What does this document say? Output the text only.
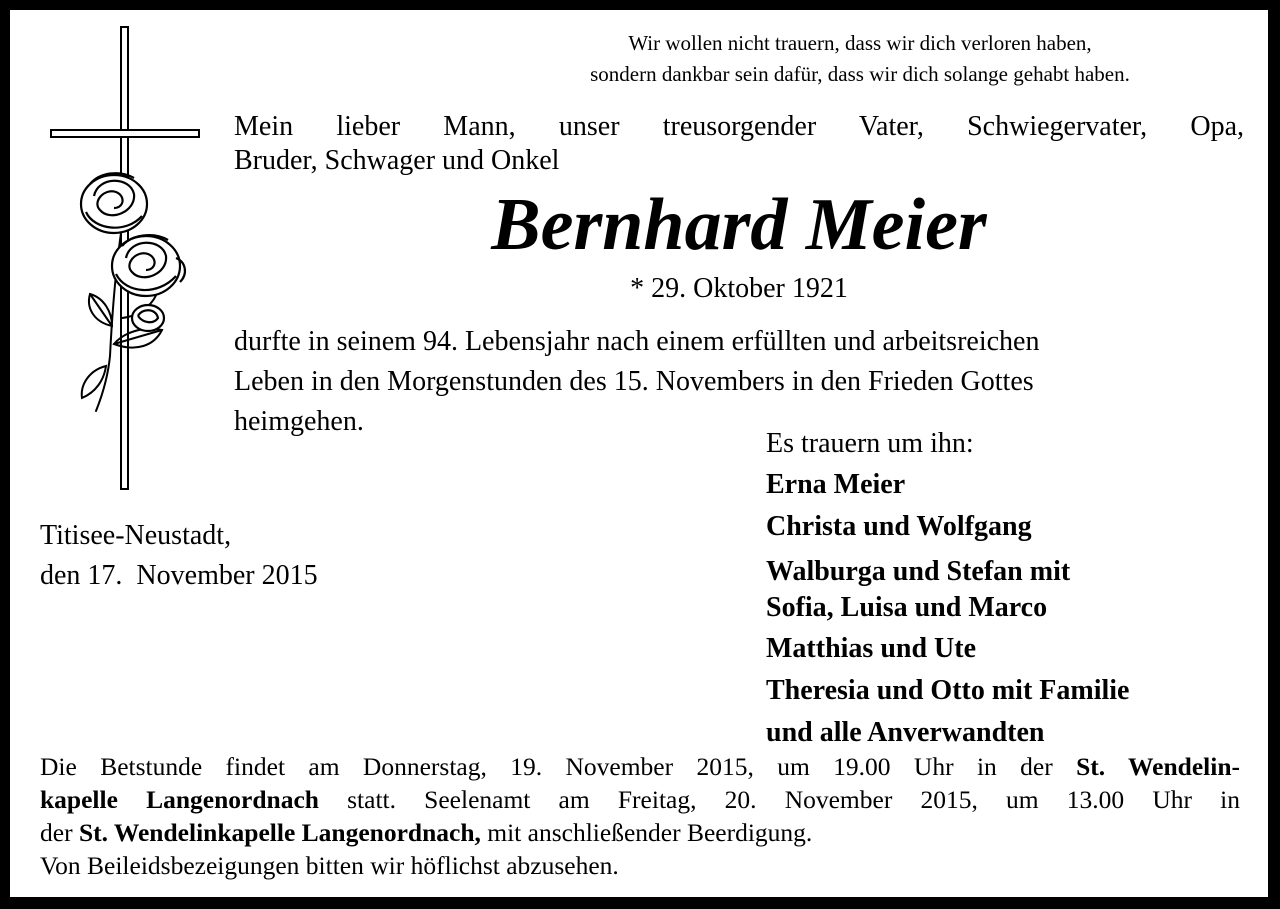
Wir wollen nicht trauern, dass wir dich verloren haben,
sondern dankbar sein dafür, dass wir dich solange gehabt haben.
Mein lieber Mann, unser treusorgender Vater, Schwiegervater, Opa,
Bruder, Schwager und Onkel
Bernhard Meier
* 29. Oktober 1921
durfte in seinem 94. Lebensjahr nach einem erfüllten und arbeitsreichen
Leben in den Morgenstunden des 15. Novembers in den Frieden Gottes
heimgehen.
Es trauern um ihn:
Erna Meier
Christa und Wolfgang
Walburga und Stefan mit
Sofia, Luisa und Marco
Matthias und Ute
Theresia und Otto mit Familie
und alle Anverwandten
Titisee-Neustadt,
den 17.  November 2015
Die Betstunde findet am Donnerstag, 19. November 2015, um 19.00 Uhr in der St. Wendelin-
kapelle Langenordnach statt. Seelenamt am Freitag, 20. November 2015, um 13.00 Uhr in
der St. Wendelinkapelle Langenordnach, mit anschließender Beerdigung.
Von Beileidsbezeigungen bitten wir höflichst abzusehen.
